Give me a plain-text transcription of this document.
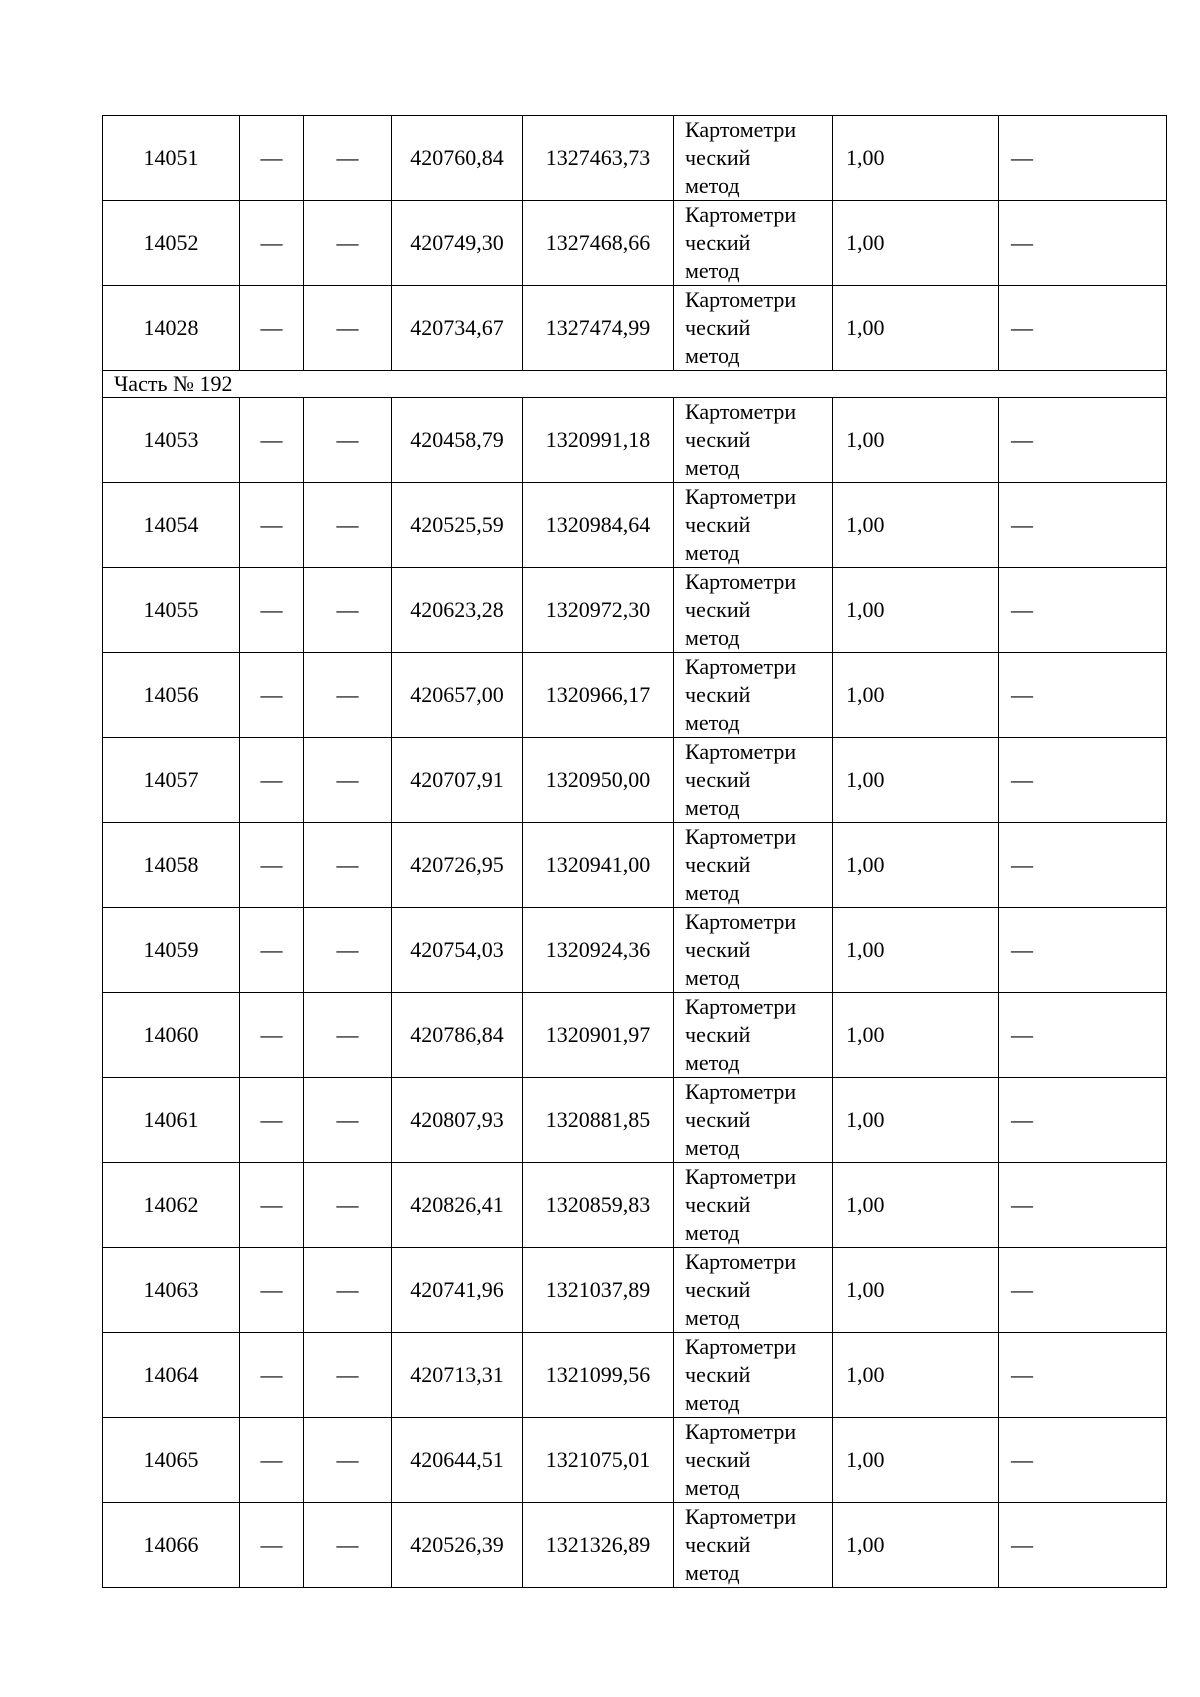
14051	—	—	420760,84	1327463,73	Картометри
ческий
метод	1,00	—
14052	—	—	420749,30	1327468,66	Картометри
ческий
метод	1,00	—
14028	—	—	420734,67	1327474,99	Картометри
ческий
метод	1,00	—
Часть № 192							
14053	—	—	420458,79	1320991,18	Картометри
ческий
метод	1,00	—
14054	—	—	420525,59	1320984,64	Картометри
ческий
метод	1,00	—
14055	—	—	420623,28	1320972,30	Картометри
ческий
метод	1,00	—
14056	—	—	420657,00	1320966,17	Картометри
ческий
метод	1,00	—
14057	—	—	420707,91	1320950,00	Картометри
ческий
метод	1,00	—
14058	—	—	420726,95	1320941,00	Картометри
ческий
метод	1,00	—
14059	—	—	420754,03	1320924,36	Картометри
ческий
метод	1,00	—
14060	—	—	420786,84	1320901,97	Картометри
ческий
метод	1,00	—
14061	—	—	420807,93	1320881,85	Картометри
ческий
метод	1,00	—
14062	—	—	420826,41	1320859,83	Картометри
ческий
метод	1,00	—
14063	—	—	420741,96	1321037,89	Картометри
ческий
метод	1,00	—
14064	—	—	420713,31	1321099,56	Картометри
ческий
метод	1,00	—
14065	—	—	420644,51	1321075,01	Картометри
ческий
метод	1,00	—
14066	—	—	420526,39	1321326,89	Картометри
ческий
метод	1,00	—
